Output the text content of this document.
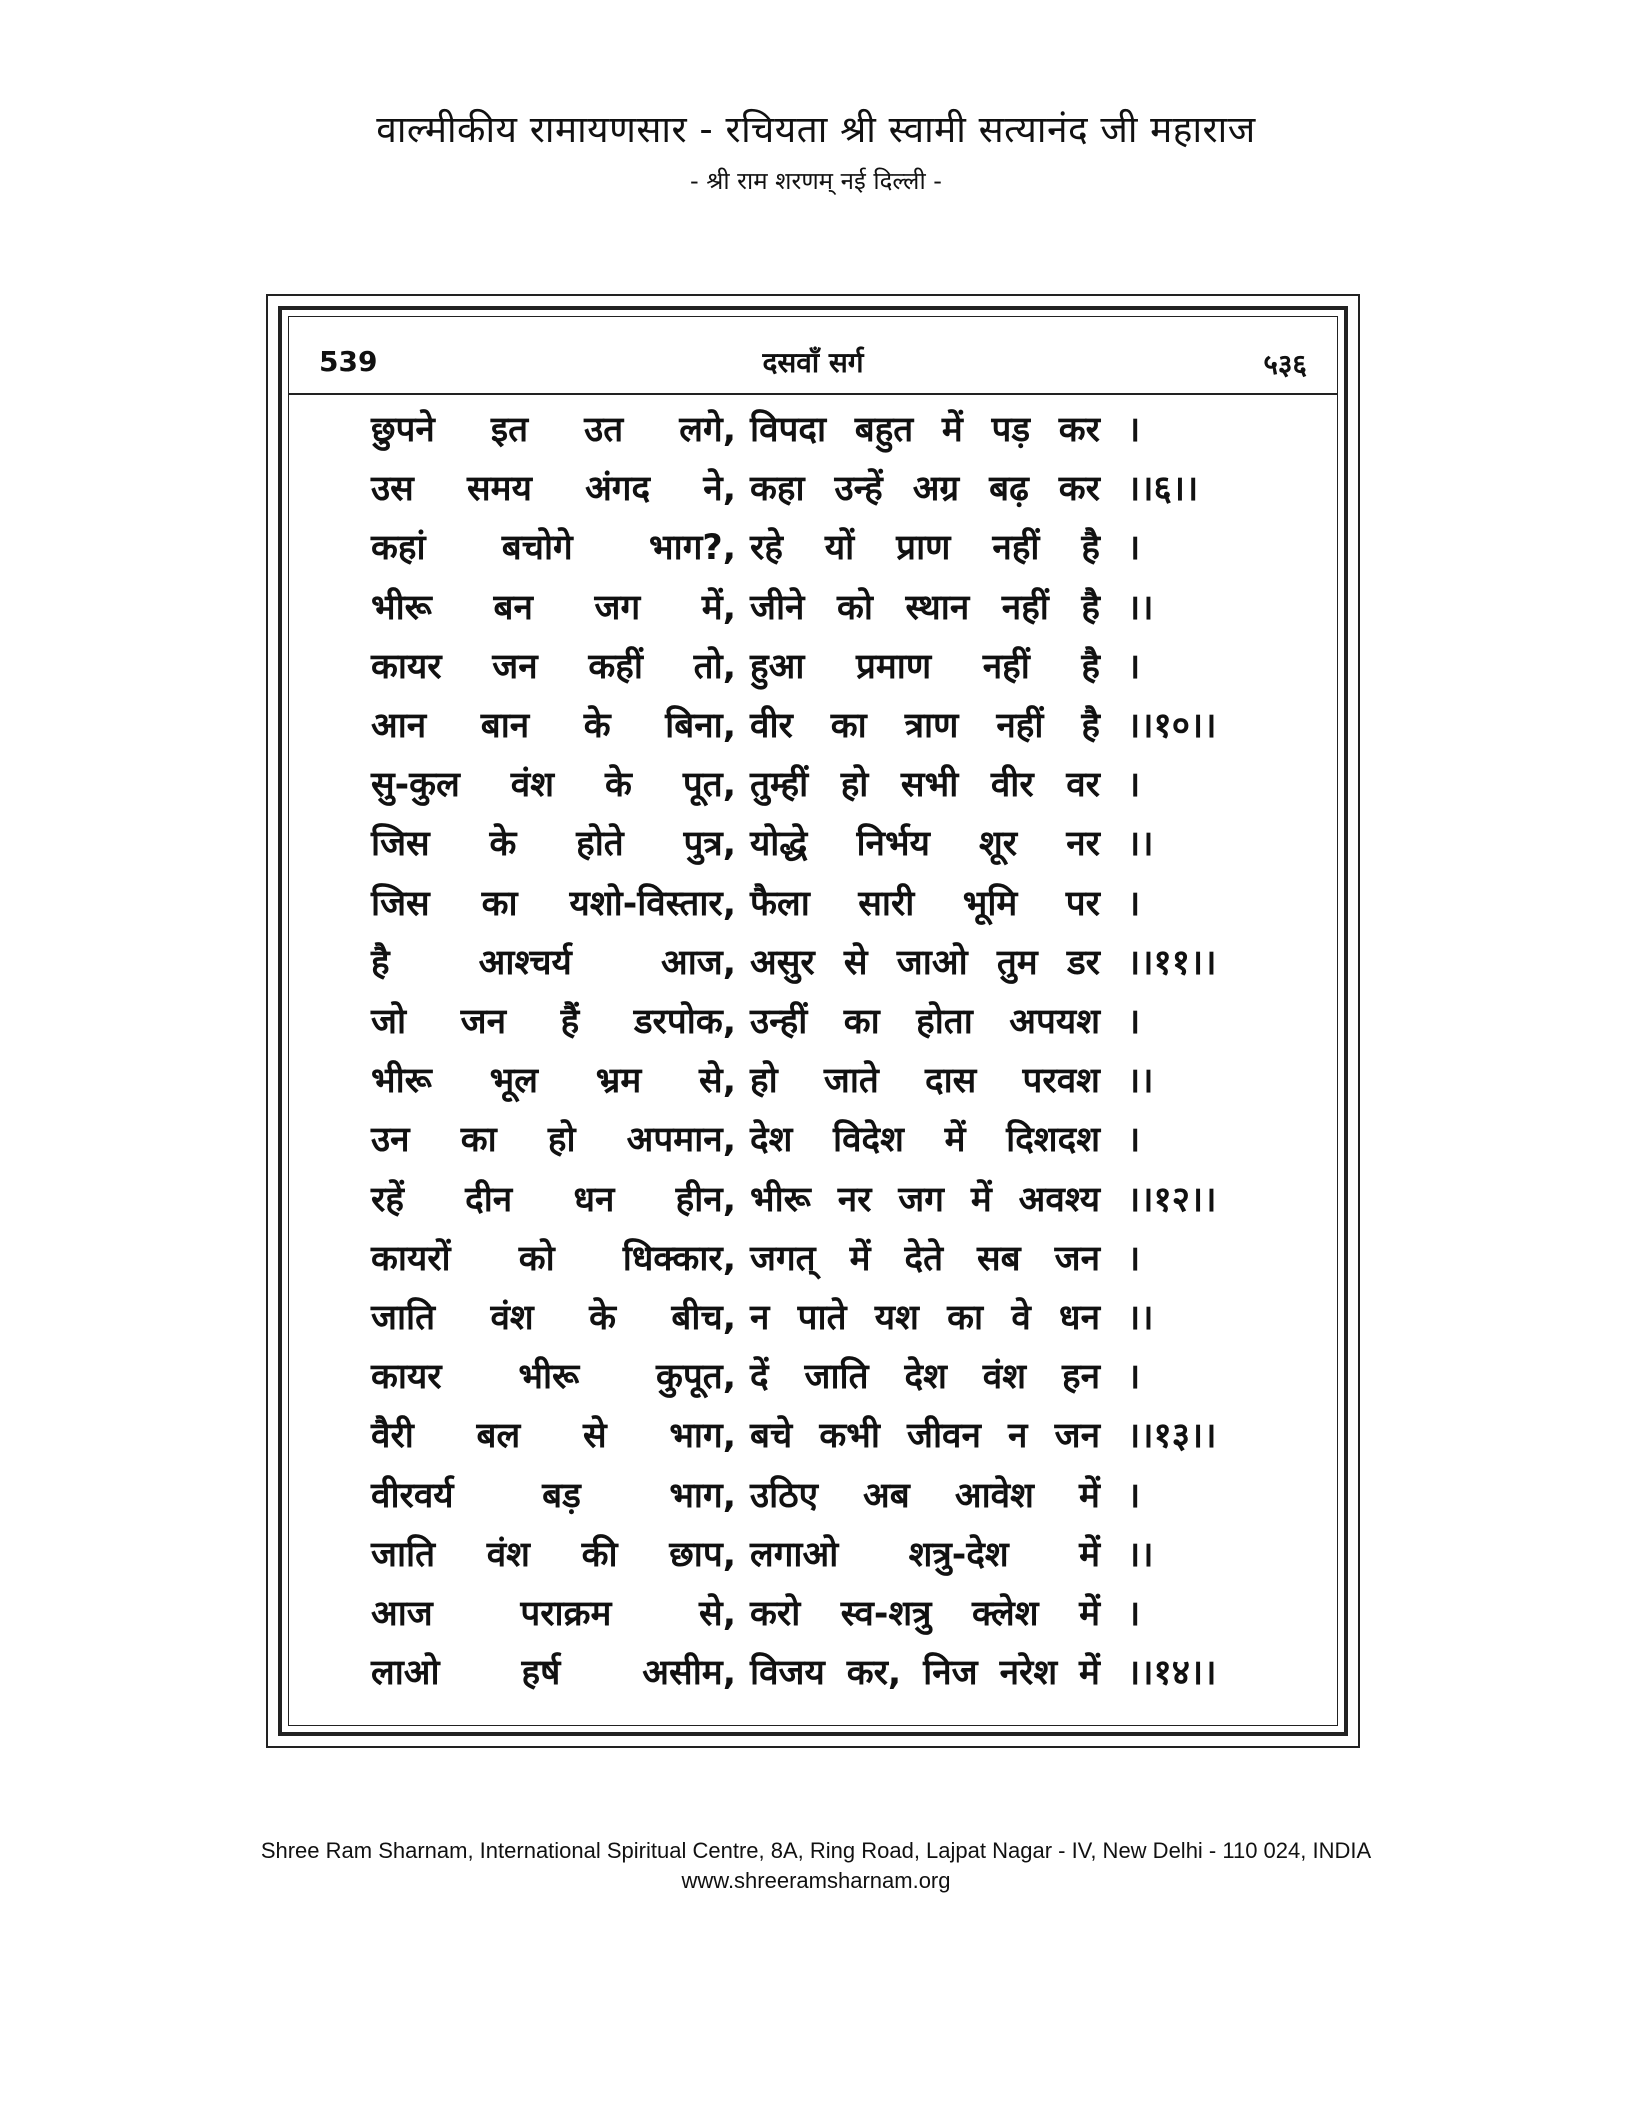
वाल्मीकीय रामायणसार - रचियता श्री स्वामी सत्यानंद जी महाराज
- श्री राम शरणम् नई दिल्ली -
539	दसवाँ सर्ग	५३६
छुपने इत उत लगे, विपदा बहुत में पड़ कर ।
उस समय अंगद ने, कहा उन्हें अग्र बढ़ कर ।।६।।
कहां बचोगे भाग?, रहे यों प्राण नहीं है ।
भीरू बन जग में, जीने को स्थान नहीं है ।।
कायर जन कहीं तो, हुआ प्रमाण नहीं है ।
आन बान के बिना, वीर का त्राण नहीं है ।।१०।।
सु-कुल वंश के पूत, तुम्हीं हो सभी वीर वर ।
जिस के होते पुत्र, योद्धे निर्भय शूर नर ।।
जिस का यशो-विस्तार, फैला सारी भूमि पर ।
है आश्चर्य आज, असुर से जाओ तुम डर ।।११।।
जो जन हैं डरपोक, उन्हीं का होता अपयश ।
भीरू भूल भ्रम से, हो जाते दास परवश ।।
उन का हो अपमान, देश विदेश में दिशदश ।
रहें दीन धन हीन, भीरू नर जग में अवश्य ।।१२।।
कायरों को धिक्कार, जगत् में देते सब जन ।
जाति वंश के बीच, न पाते यश का वे धन ।।
कायर भीरू कुपूत, दें जाति देश वंश हन ।
वैरी बल से भाग, बचे कभी जीवन न जन ।।१३।।
वीरवर्य बड़ भाग, उठिए अब आवेश में ।
जाति वंश की छाप, लगाओ शत्रु-देश में ।।
आज पराक्रम से, करो स्व-शत्रु क्लेश में ।
लाओ हर्ष असीम, विजय कर, निज नरेश में ।।१४।।
Shree Ram Sharnam, International Spiritual Centre, 8A, Ring Road, Lajpat Nagar - IV, New Delhi - 110 024, INDIA
www.shreeramsharnam.org
